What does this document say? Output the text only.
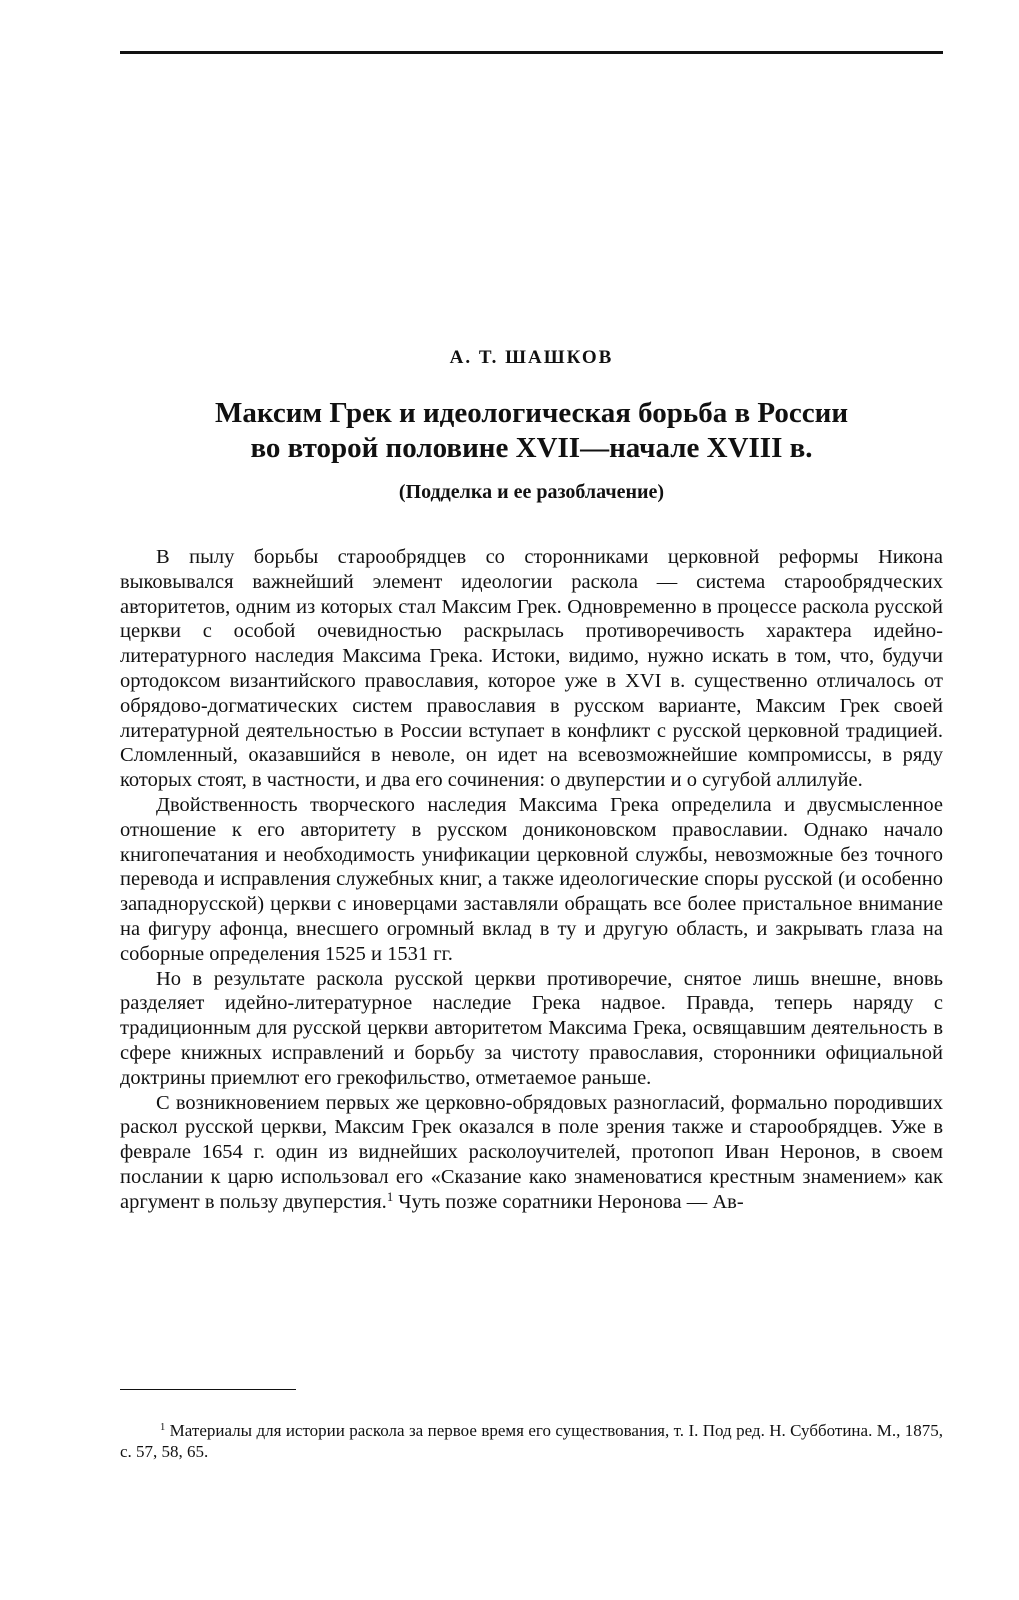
А. Т. ШАШКОВ
Максим Грек и идеологическая борьба в России
во второй половине XVII—начале XVIII в.
(Подделка и ее разоблачение)

В пылу борьбы старообрядцев со сторонниками церковной реформы Никона выковывался важнейший элемент идеологии раскола — система старообрядческих авторитетов, одним из которых стал Максим Грек. Одновременно в процессе раскола русской церкви с особой очевидностью раскрылась противоречивость характера идейно-литературного наследия Максима Грека. Истоки, видимо, нужно искать в том, что, будучи ортодоксом византийского православия, которое уже в XVI в. существенно отличалось от обрядово-догматических систем православия в русском варианте, Максим Грек своей литературной деятельностью в России вступает в конфликт с русской церковной традицией. Сломленный, оказавшийся в неволе, он идет на всевозможнейшие компромиссы, в ряду которых стоят, в частности, и два его сочинения: о двуперстии и о сугубой аллилуйе.

Двойственность творческого наследия Максима Грека определила и двусмысленное отношение к его авторитету в русском дониконовском православии. Однако начало книгопечатания и необходимость унификации церковной службы, невозможные без точного перевода и исправления служебных книг, а также идеологические споры русской (и особенно западнорусской) церкви с иноверцами заставляли обращать все более пристальное внимание на фигуру афонца, внесшего огромный вклад в ту и другую область, и закрывать глаза на соборные определения 1525 и 1531 гг.

Но в результате раскола русской церкви противоречие, снятое лишь внешне, вновь разделяет идейно-литературное наследие Грека надвое. Правда, теперь наряду с традиционным для русской церкви авторитетом Максима Грека, освящавшим деятельность в сфере книжных исправлений и борьбу за чистоту православия, сторонники официальной доктрины приемлют его грекофильство, отметаемое раньше.

С возникновением первых же церковно-обрядовых разногласий, формально породивших раскол русской церкви, Максим Грек оказался в поле зрения также и старообрядцев. Уже в феврале 1654 г. один из виднейших расколоучителей, протопоп Иван Неронов, в своем послании к царю использовал его «Сказание како знаменоватися крестным знамением» как аргумент в пользу двуперстия.$^1$ Чуть позже соратники Неронова — Ав-

$^1$ Материалы для истории раскола за первое время его существования, т. I. Под ред. Н. Субботина. М., 1875, с. 57, 58, 65.
